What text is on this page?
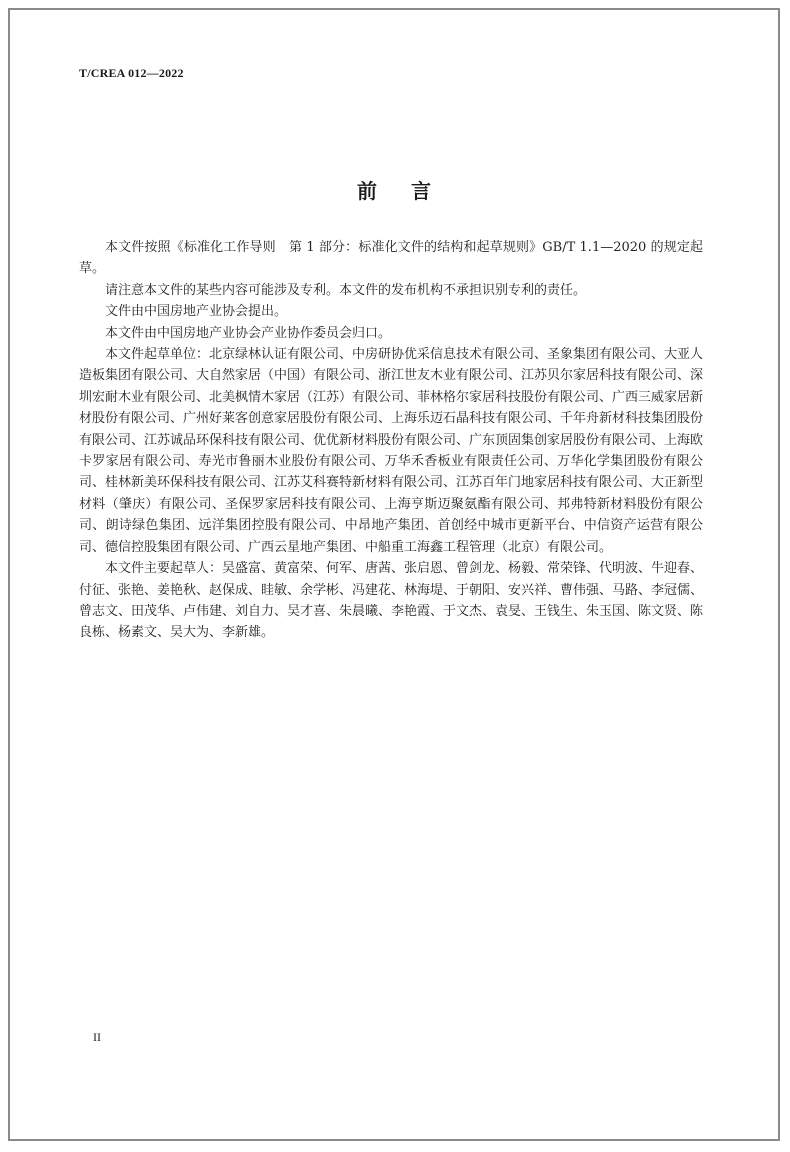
T/CREA 012—2022
前言

本文件按照《标准化工作导则　第 1 部分：标准化文件的结构和起草规则》GB/T 1.1—2020 的规定起草。

请注意本文件的某些内容可能涉及专利。本文件的发布机构不承担识别专利的责任。

文件由中国房地产业协会提出。

本文件由中国房地产业协会产业协作委员会归口。

本文件起草单位：北京绿林认证有限公司、中房研协优采信息技术有限公司、圣象集团有限公司、大亚人造板集团有限公司、大自然家居（中国）有限公司、浙江世友木业有限公司、江苏贝尔家居科技有限公司、深圳宏耐木业有限公司、北美枫情木家居（江苏）有限公司、菲林格尔家居科技股份有限公司、广西三威家居新材股份有限公司、广州好莱客创意家居股份有限公司、上海乐迈石晶科技有限公司、千年舟新材科技集团股份有限公司、江苏诚品环保科技有限公司、优优新材料股份有限公司、广东顶固集创家居股份有限公司、上海欧卡罗家居有限公司、寿光市鲁丽木业股份有限公司、万华禾香板业有限责任公司、万华化学集团股份有限公司、桂林新美环保科技有限公司、江苏艾科赛特新材料有限公司、江苏百年门地家居科技有限公司、大正新型材料（肇庆）有限公司、圣保罗家居科技有限公司、上海亨斯迈聚氨酯有限公司、邦弗特新材料股份有限公司、朗诗绿色集团、远洋集团控股有限公司、中昂地产集团、首创经中城市更新平台、中信资产运营有限公司、德信控股集团有限公司、广西云星地产集团、中船重工海鑫工程管理（北京）有限公司。

本文件主要起草人：吴盛富、黄富荣、何军、唐茜、张启恩、曾剑龙、杨毅、常荣锋、代明波、牛迎春、付征、张艳、姜艳秋、赵保成、眭敏、余学彬、冯建花、林海堤、于朝阳、安兴祥、曹伟强、马路、李冠儒、曾志文、田茂华、卢伟建、刘自力、吴才喜、朱晨曦、李艳霞、于文杰、袁旻、王钱生、朱玉国、陈文贤、陈良栋、杨素文、吴大为、李新雄。

II
